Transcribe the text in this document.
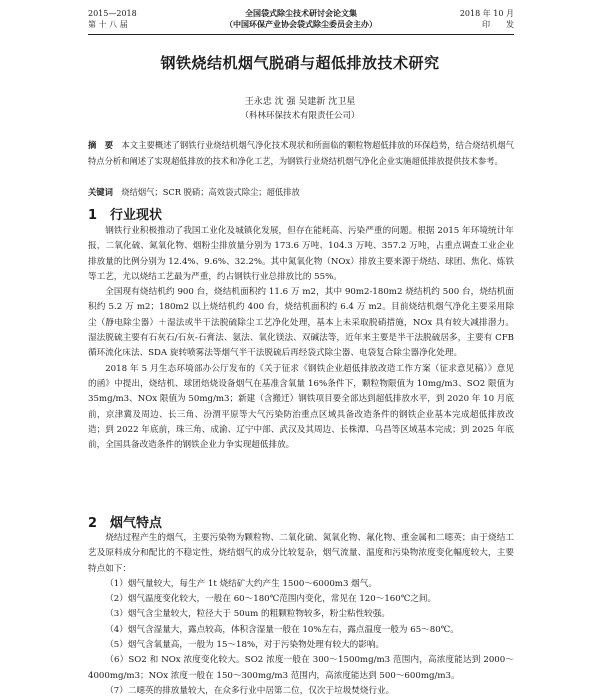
2015—2018
第 十 八 届
全国袋式除尘技术研讨会论文集
（中国环保产业协会袋式除尘委员会主办）
2018 年 10 月
印　　发
钢铁烧结机烟气脱硝与超低排放技术研究
王永忠 沈 强 吴建新 沈卫星
（科林环保技术有限责任公司）
摘　要　 本文主要概述了钢铁行业烧结机烟气净化技术现状和所面临的颗粒物超低排放的环保趋势，结合烧结机烟气特点分析和阐述了实现超低排放的技术和净化工艺，为钢铁行业烧结机烟气净化企业实施超低排放提供技术参考。
关键词　 烧结烟气；SCR 脱硝；高效袋式除尘；超低排放
1　行业现状

钢铁行业积极推动了我国工业化及城镇化发展，但存在能耗高、污染严重的问题。根据 2015 年环境统计年报，二氧化硫、氮氧化物、烟粉尘排放量分别为 173.6 万吨、104.3 万吨、357.2 万吨，占重点调查工业企业排放量的比例分别为 12.4%、9.6%、32.2%。其中氮氧化物（NOx）排放主要来源于烧结、球团、焦化、炼铁等工艺，尤以烧结工艺最为严重，约占钢铁行业总排放比的 55%。

全国现有烧结机约 900 台，烧结机面积约 11.6 万 m2，其中 90m2-180m2 烧结机约 500 台，烧结机面积约 5.2 万 m2；180m2 以上烧结机约 400 台，烧结机面积约 6.4 万 m2。目前烧结机烟气净化主要采用除尘（静电除尘器）＋湿法或半干法脱硫除尘工艺净化处理，基本上未采取脱硝措施，NOx 具有较大减排潜力。湿法脱硫主要有石灰石/石灰-石膏法、氨法、氧化镁法、双碱法等，近年来主要是半干法脱硫居多，主要有 CFB 循环流化床法、SDA 旋转喷雾法等烟气半干法脱硫后再经袋式除尘器、电袋复合除尘器净化处理。

2018 年 5 月生态环境部办公厅发布的《关于征求《钢铁企业超低排放改造工作方案（征求意见稿）》意见的函》中提出，烧结机、球团焙烧设备烟气在基准含氧量 16%条件下，颗粒物限值为 10mg/m3、SO2 限值为 35mg/m3、NOx 限值为 50mg/m3；新建（含搬迁）钢铁项目要全部达到超低排放水平，到 2020 年 10 月底前，京津冀及周边、长三角、汾渭平原等大气污染防治重点区域具备改造条件的钢铁企业基本完成超低排放改造；到 2022 年底前，珠三角、成渝、辽宁中部、武汉及其周边、长株潭、乌昌等区域基本完成；到 2025 年底前，全国具备改造条件的钢铁企业力争实现超低排放。

2　烟气特点

烧结过程产生的烟气，主要污染物为颗粒物、二氧化硫、氮氧化物、氟化物、重金属和二噁英；由于烧结工艺及原料成分和配比的不稳定性，烧结烟气的成分比较复杂，烟气流量、温度和污染物浓度变化幅度较大，主要特点如下：

（1）烟气量较大，每生产 1t 烧结矿大约产生 1500～6000m3 烟气。

（2）烟气温度变化较大，一般在 60～180℃范围内变化，常见在 120～160℃之间。

（3）烟气含尘量较大，粒径大于 50um 的粗颗粒物较多，粉尘粘性较强。

（4）烟气含湿量大，露点较高，体积含湿量一般在 10%左右，露点温度一般为 65～80℃。

（5）烟气含氧量高，一般为 15～18%，对于污染物处理有较大的影响。

（6）SO2 和 NOx 浓度变化较大。SO2 浓度一般在 300～1500mg/m3 范围内，高浓度能达到 2000～4000mg/m3；NOx 浓度一般在 150～300mg/m3 范围内，高浓度能达到 500～600mg/m3。

（7）二噁英的排放量较大，在众多行业中居第二位，仅次于垃圾焚烧行业。
